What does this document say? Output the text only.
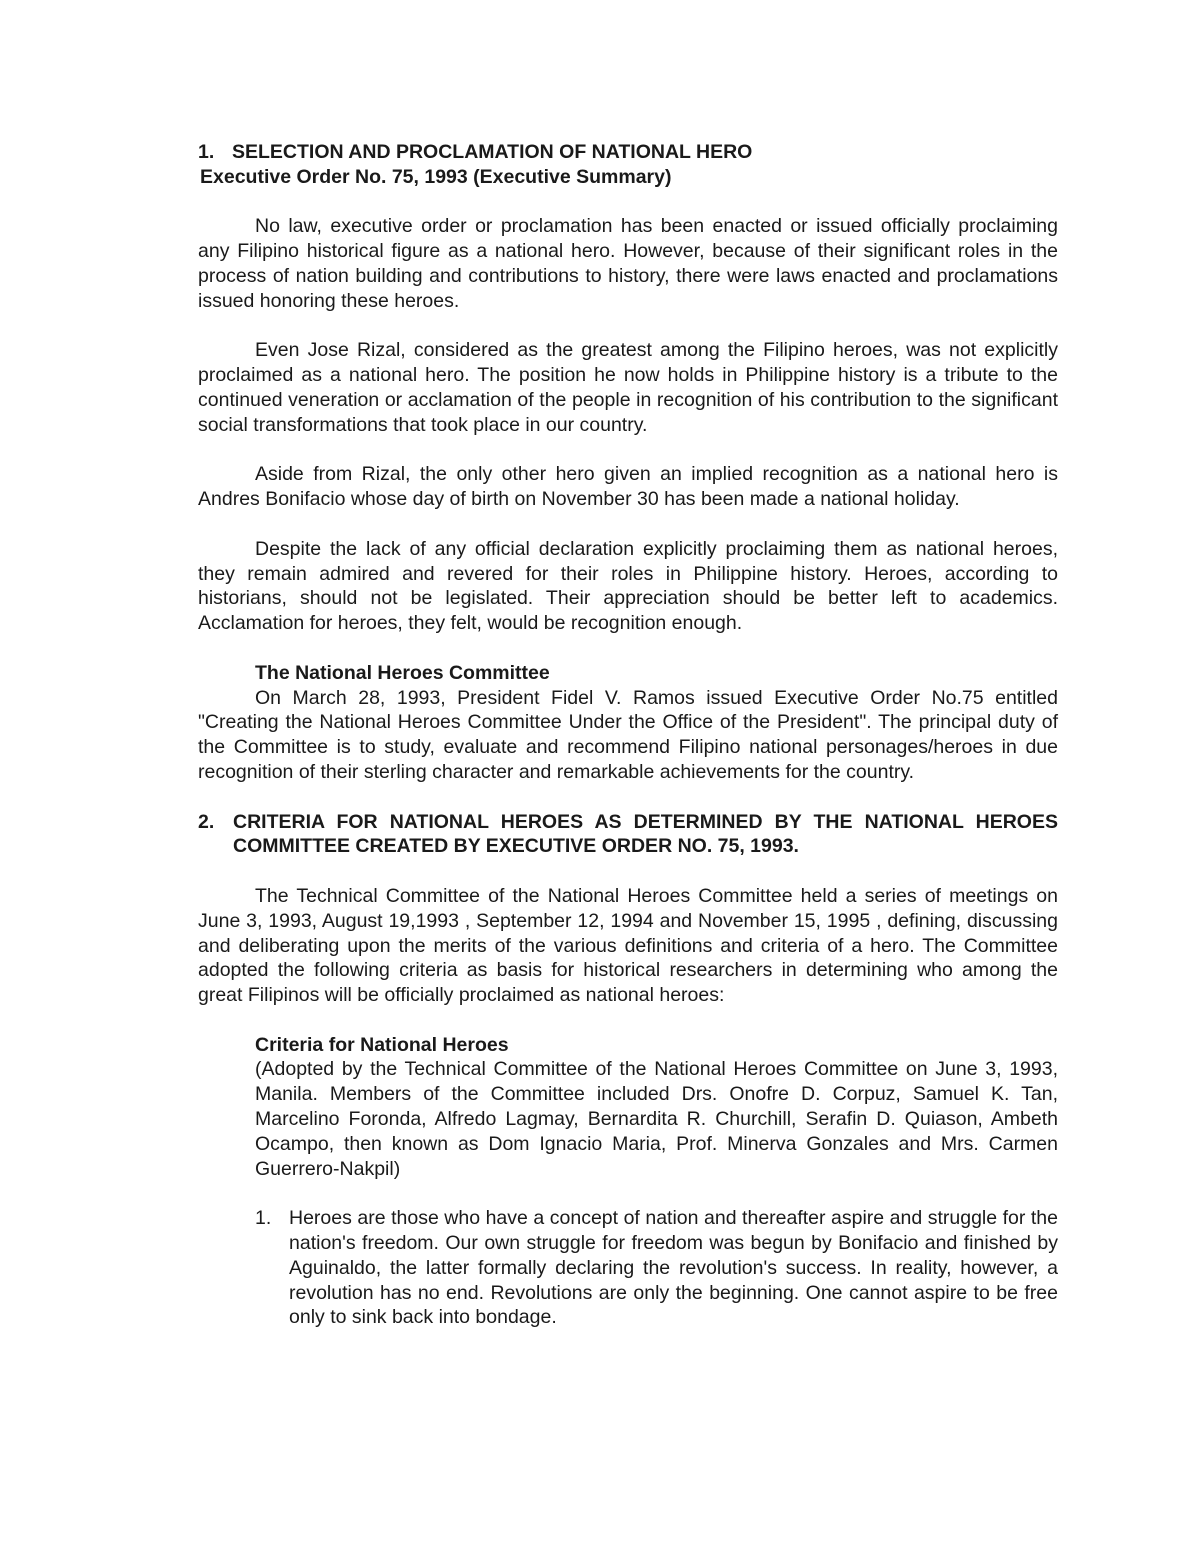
1. SELECTION AND PROCLAMATION OF NATIONAL HERO

Executive Order No. 75, 1993 (Executive Summary)

No law, executive order or proclamation has been enacted or issued officially proclaiming any Filipino historical figure as a national hero. However, because of their significant roles in the process of nation building and contributions to history, there were laws enacted and proclamations issued honoring these heroes.

Even Jose Rizal, considered as the greatest among the Filipino heroes, was not explicitly proclaimed as a national hero. The position he now holds in Philippine history is a tribute to the continued veneration or acclamation of the people in recognition of his contribution to the significant social transformations that took place in our country.

Aside from Rizal, the only other hero given an implied recognition as a national hero is Andres Bonifacio whose day of birth on November 30 has been made a national holiday.

Despite the lack of any official declaration explicitly proclaiming them as national heroes, they remain admired and revered for their roles in Philippine history. Heroes, according to historians, should not be legislated. Their appreciation should be better left to academics. Acclamation for heroes, they felt, would be recognition enough.

The National Heroes Committee

On March 28, 1993, President Fidel V. Ramos issued Executive Order No.75 entitled "Creating the National Heroes Committee Under the Office of the President". The principal duty of the Committee is to study, evaluate and recommend Filipino national personages/heroes in due recognition of their sterling character and remarkable achievements for the country.

2. CRITERIA FOR NATIONAL HEROES AS DETERMINED BY THE NATIONAL HEROES COMMITTEE CREATED BY EXECUTIVE ORDER NO. 75, 1993.

The Technical Committee of the National Heroes Committee held a series of meetings on June 3, 1993, August 19,1993 , September 12, 1994 and November 15, 1995 , defining, discussing and deliberating upon the merits of the various definitions and criteria of a hero. The Committee adopted the following criteria as basis for historical researchers in determining who among the great Filipinos will be officially proclaimed as national heroes:

Criteria for National Heroes

(Adopted by the Technical Committee of the National Heroes Committee on June 3, 1993, Manila. Members of the Committee included Drs. Onofre D. Corpuz, Samuel K. Tan, Marcelino Foronda, Alfredo Lagmay, Bernardita R. Churchill, Serafin D. Quiason, Ambeth Ocampo, then known as Dom Ignacio Maria, Prof. Minerva Gonzales and Mrs. Carmen Guerrero-Nakpil)

1. Heroes are those who have a concept of nation and thereafter aspire and struggle for the nation's freedom. Our own struggle for freedom was begun by Bonifacio and finished by Aguinaldo, the latter formally declaring the revolution's success. In reality, however, a revolution has no end. Revolutions are only the beginning. One cannot aspire to be free only to sink back into bondage.
